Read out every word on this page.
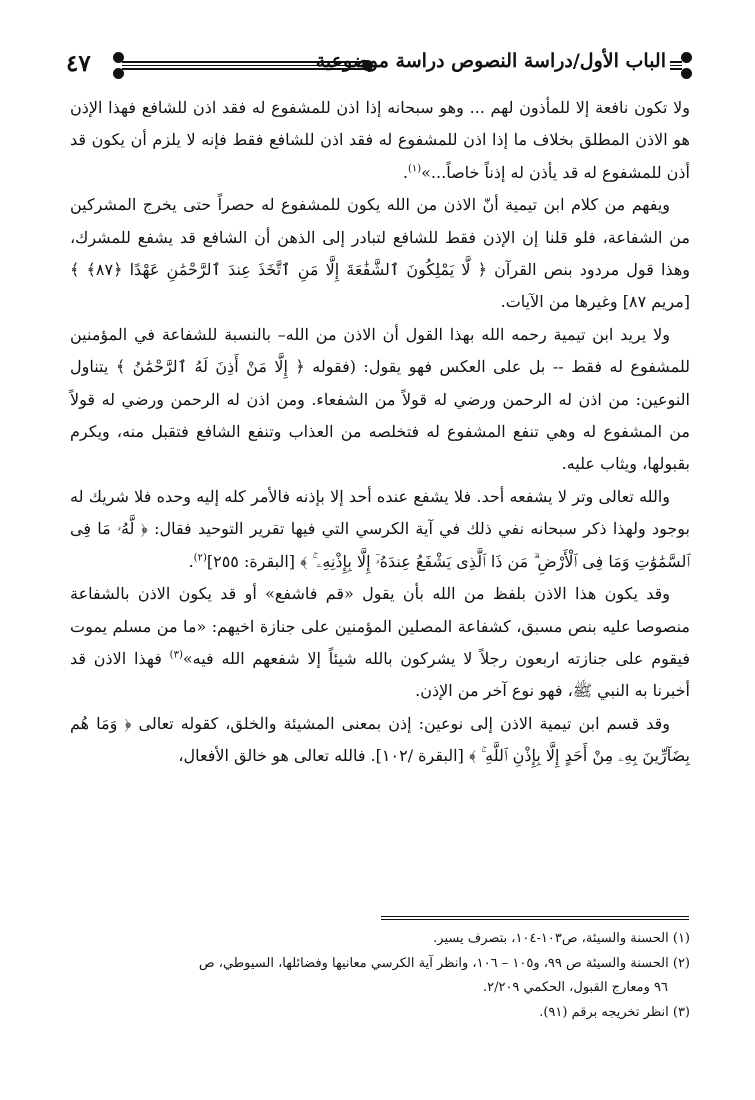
٤٧	الباب الأول/دراسة النصوص دراسة موضوعية

ولا تكون نافعة إلا للمأذون لهم ... وهو سبحانه إذا اذن للمشفوع له فقد اذن للشافع فهذا الإذن هو الاذن المطلق بخلاف ما إذا اذن للمشفوع له فقد اذن للشافع فقط فإنه لا يلزم أن يكون قد أذن للمشفوع له قد يأذن له إذناً خاصاً...»$^{(١)}$.

ويفهم من كلام ابن تيمية أنّ الاذن من الله يكون للمشفوع له حصراً حتى يخرج المشركين من الشفاعة، فلو قلنا إن الإذن فقط للشافع لتبادر إلى الذهن أن الشافع قد يشفع للمشرك، وهذا قول مردود بنص القرآن ﴿ لَّا يَمْلِكُونَ ٱلشَّفَٰعَةَ إِلَّا مَنِ ٱتَّخَذَ عِندَ ٱلرَّحْمَٰنِ عَهْدًا ﴿٨٧﴾ ﴾ [مريم ٨٧] وغيرها من الآيات.

ولا يريد ابن تيمية رحمه الله بهذا القول أن الاذن من الله– بالنسبة للشفاعة في المؤمنين للمشفوع له فقط -- بل على العكس فهو يقول: (فقوله ﴿ إِلَّا مَنْ أَذِنَ لَهُ ٱلرَّحْمَٰنُ ﴾ يتناول النوعين: من اذن له الرحمن ورضي له قولاً من الشفعاء. ومن اذن له الرحمن ورضي له قولاً من المشفوع له وهي تنفع المشفوع له فتخلصه من العذاب وتنفع الشافع فتقبل منه، ويكرم بقبولها، ويثاب عليه.

والله تعالى وتر لا يشفعه أحد. فلا يشفع عنده أحد إلا بإذنه فالأمر كله إليه وحده فلا شريك له بوجود ولهذا ذكر سبحانه نفي ذلك في آية الكرسي التي فيها تقرير التوحيد فقال: ﴿ لَّهُۥ مَا فِى ٱلسَّمَٰوَٰتِ وَمَا فِى ٱلْأَرْضِ ۗ مَن ذَا ٱلَّذِى يَشْفَعُ عِندَهُۥٓ إِلَّا بِإِذْنِهِۦ ۚ ﴾ [البقرة: ٢٥٥]$^{(٢)}$.

وقد يكون هذا الاذن بلفظ من الله بأن يقول «قم فاشفع» أو قد يكون الاذن بالشفاعة منصوصا عليه بنص مسبق، كشفاعة المصلين المؤمنين على جنازة اخيهم: «ما من مسلم يموت فيقوم على جنازته اربعون رجلاً لا يشركون بالله شيئاً إلا شفعهم الله فيه»$^{(٣)}$ فهذا الاذن قد أخبرنا به النبي ﷺ، فهو نوع آخر من الإذن.

وقد قسم ابن تيمية الاذن إلى نوعين: إذن بمعنى المشيئة والخلق، كقوله تعالى ﴿ وَمَا هُم بِضَآرِّينَ بِهِۦ مِنْ أَحَدٍ إِلَّا بِإِذْنِ ٱللَّهِ ۚ ﴾ [البقرة /١٠٢]. فالله تعالى هو خالق الأفعال،

(١) الحسنة والسيئة، ص١٠٣-١٠٤، بتصرف يسير.

(٢) الحسنة والسيئة ص ٩٩، و١٠٥ – ١٠٦، وانظر آية الكرسي معانيها وفضائلها، السيوطي، ص

٩٦ ومعارج القبول، الحكمي ٢/٢٠٩.

(٣) انظر تخريجه برقم (٩١).
